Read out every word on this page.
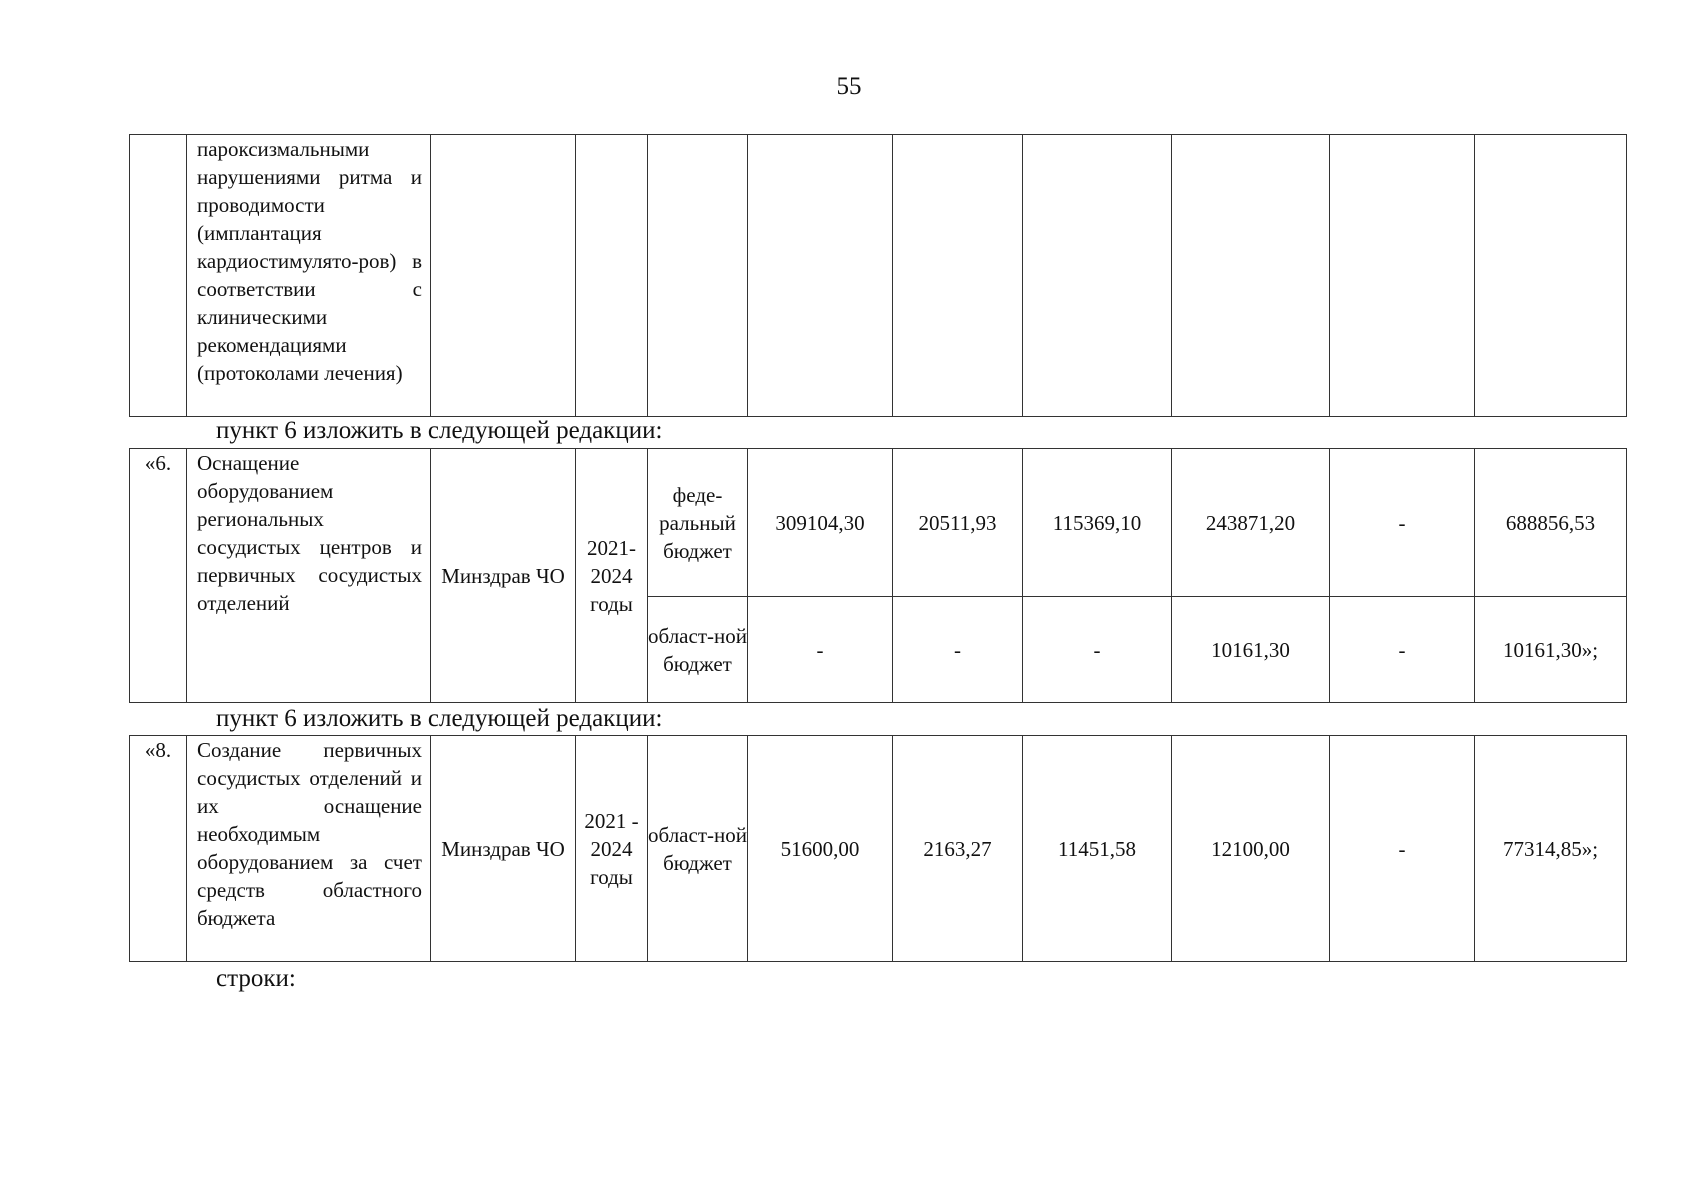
55
	пароксизмальными нарушениями ритма и проводимости (имплантация кардиостимулято-ров) в соответствии с клиническими рекомендациями (протоколами лечения)									
пункт 6 изложить в следующей редакции:
«6.	Оснащение оборудованием региональных сосудистых центров и первичных сосудистых отделений	Минздрав ЧО	2021-2024 годы	феде-ральный бюджет	309104,30	20511,93	115369,10	243871,20	-	688856,53
				област-ной бюджет	-	-	-	10161,30	-	10161,30»;
пункт 6 изложить в следующей редакции:
«8.	Создание первичных сосудистых отделений и их оснащение необходимым оборудованием за счет средств областного бюджета	Минздрав ЧО	2021 - 2024 годы	област-ной бюджет	51600,00	2163,27	11451,58	12100,00	-	77314,85»;
строки:
